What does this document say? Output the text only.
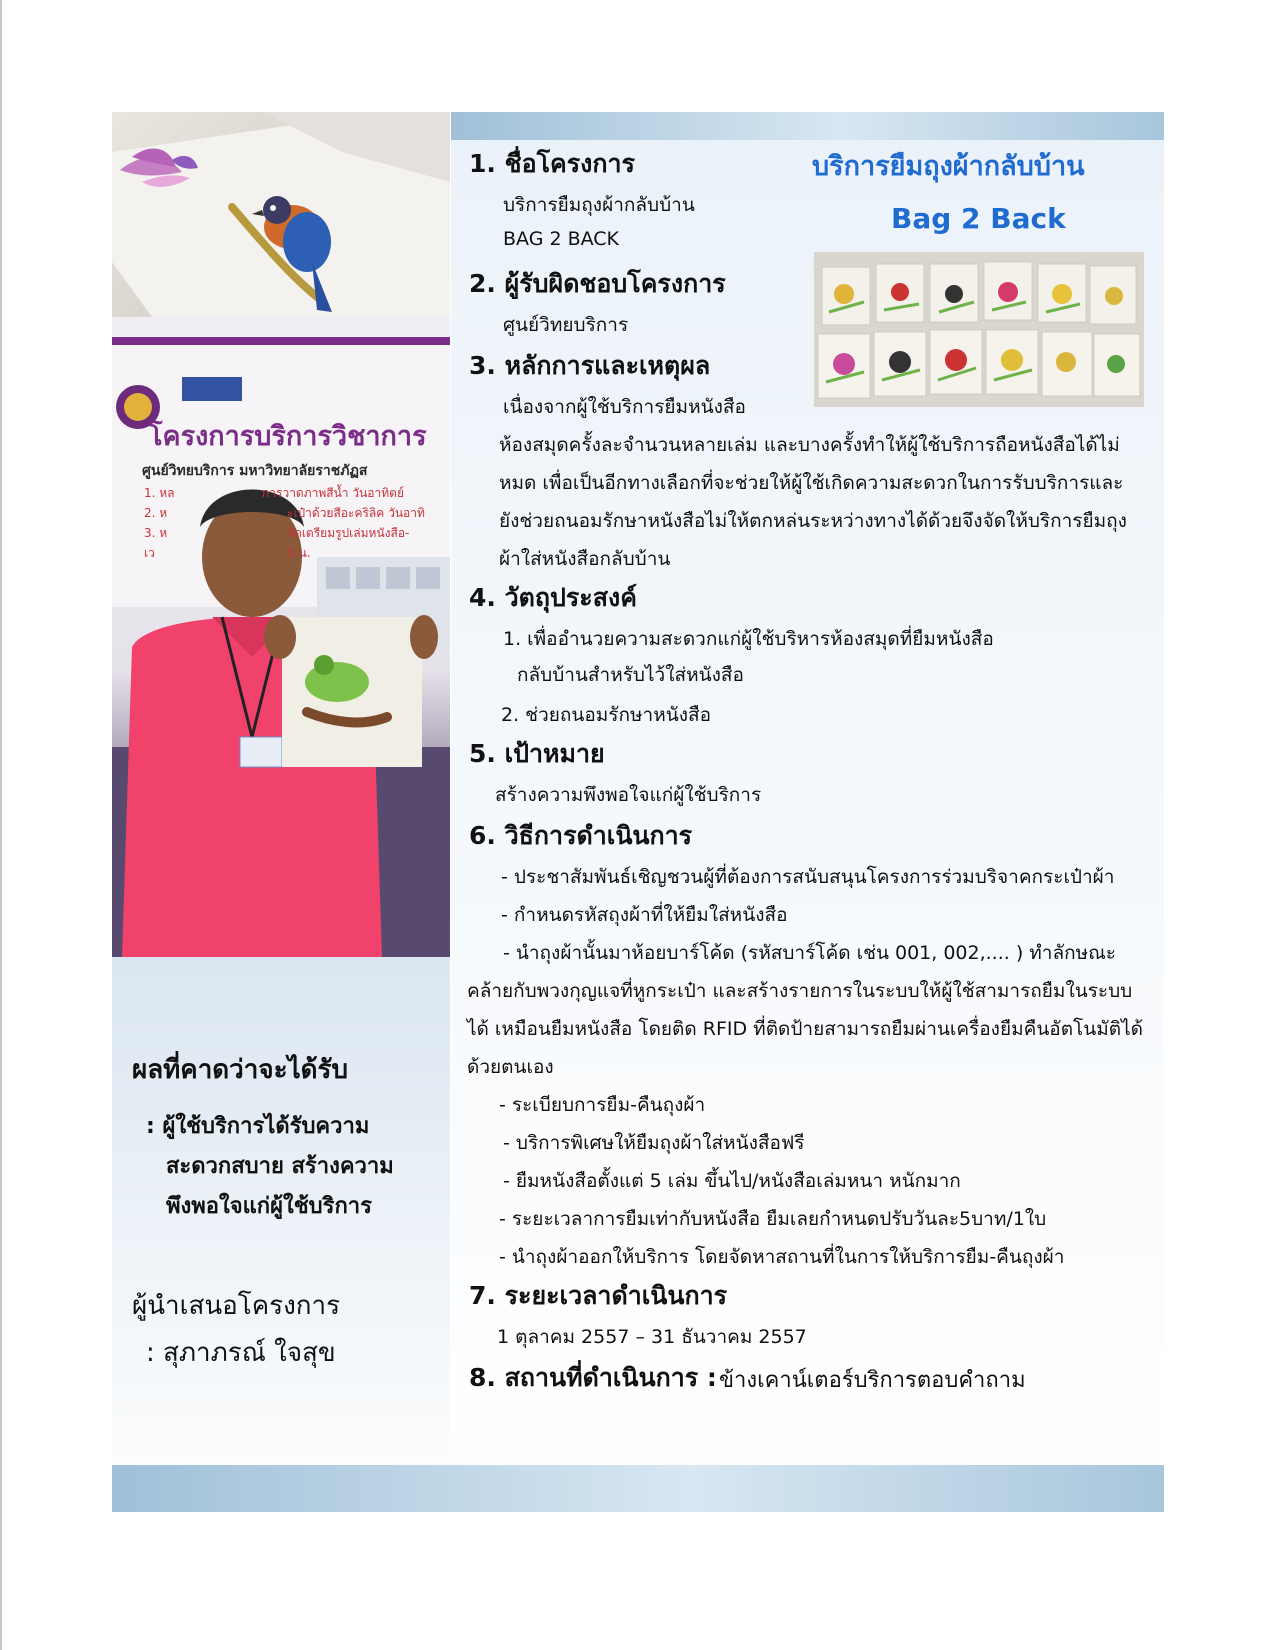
โครงการบริการวิชาการ
ศูนย์วิทยบริการ มหาวิทยาลัยราชภัฏส
1. หล	การวาดภาพสีน้ำ วันอาทิตย์
2. ห	ะเป๋าด้วยสีอะคริลิค วันอาทิ
3. ห	จัดเตรียมรูปเล่มหนังสือ-
เว	0 น.
ผลที่คาดว่าจะได้รับ
: ผู้ใช้บริการได้รับความ
สะดวกสบาย สร้างความ
พึงพอใจแก่ผู้ใช้บริการ
ผู้นำเสนอโครงการ
: สุภาภรณ์ ใจสุข
บริการยืมถุงผ้ากลับบ้าน
Bag 2 Back
1. ชื่อโครงการ
บริการยืมถุงผ้ากลับบ้าน
BAG 2 BACK
2. ผู้รับผิดชอบโครงการ
ศูนย์วิทยบริการ
3. หลักการและเหตุผล
เนื่องจากผู้ใช้บริการยืมหนังสือ
ห้องสมุดครั้งละจำนวนหลายเล่ม และบางครั้งทำให้ผู้ใช้บริการถือหนังสือได้ไม่
หมด เพื่อเป็นอีกทางเลือกที่จะช่วยให้ผู้ใช้เกิดความสะดวกในการรับบริการและ
ยังช่วยถนอมรักษาหนังสือไม่ให้ตกหล่นระหว่างทางได้ด้วยจึงจัดให้บริการยืมถุง
ผ้าใส่หนังสือกลับบ้าน
4. วัตถุประสงค์
1. เพื่ออำนวยความสะดวกแก่ผู้ใช้บริหารห้องสมุดที่ยืมหนังสือ
กลับบ้านสำหรับไว้ใส่หนังสือ
2. ช่วยถนอมรักษาหนังสือ
5. เป้าหมาย
สร้างความพึงพอใจแก่ผู้ใช้บริการ
6. วิธีการดำเนินการ
- ประชาสัมพันธ์เชิญชวนผู้ที่ต้องการสนับสนุนโครงการร่วมบริจาคกระเป๋าผ้า
- กำหนดรหัสถุงผ้าที่ให้ยืมใส่หนังสือ
- นำถุงผ้านั้นมาห้อยบาร์โค้ด (รหัสบาร์โค้ด เช่น 001, 002,.... ) ทำลักษณะ
คล้ายกับพวงกุญแจที่หูกระเป๋า และสร้างรายการในระบบให้ผู้ใช้สามารถยืมในระบบ
ได้ เหมือนยืมหนังสือ โดยติด RFID ที่ติดป้ายสามารถยืมผ่านเครื่องยืมคืนอัตโนมัติได้
ด้วยตนเอง
- ระเบียบการยืม-คืนถุงผ้า
- บริการพิเศษให้ยืมถุงผ้าใส่หนังสือฟรี
- ยืมหนังสือตั้งแต่ 5 เล่ม ขึ้นไป/หนังสือเล่มหนา หนักมาก
- ระยะเวลาการยืมเท่ากับหนังสือ ยืมเลยกำหนดปรับวันละ5บาท/1ใบ
- นำถุงผ้าออกให้บริการ โดยจัดหาสถานที่ในการให้บริการยืม-คืนถุงผ้า
7. ระยะเวลาดำเนินการ
1 ตุลาคม 2557 – 31 ธันวาคม 2557
8. สถานที่ดำเนินการ : ข้างเคาน์เตอร์บริการตอบคำถาม
